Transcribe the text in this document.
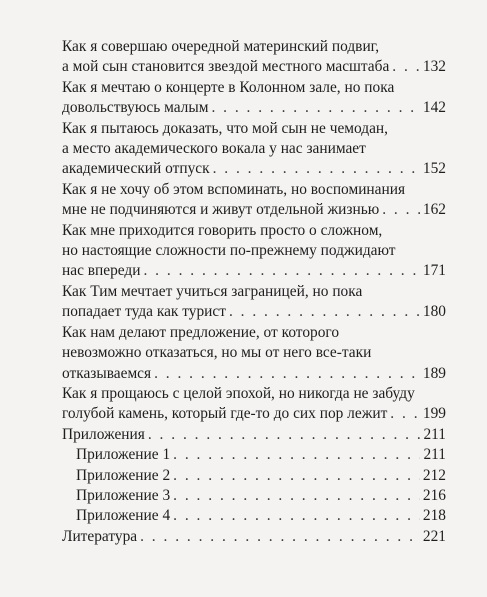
Как я совершаю очередной материнский подвиг,
а мой сын становится звездой местного масштаба . . . 132
Как я мечтаю о концерте в Колонном зале, но пока
довольствуюсь малым . . .	142
Как я пытаюсь доказать, что мой сын не чемодан,
а место академического вокала у нас занимает
академический отпуск . . .	152
Как я не хочу об этом вспоминать, но воспоминания
мне не подчиняются и живут отдельной жизнью . . .	162
Как мне приходится говорить просто о сложном,
но настоящие сложности по-прежнему поджидают
нас впереди . . .	171
Как Тим мечтает учиться заграницей, но пока
попадает туда как турист . . .	180
Как нам делают предложение, от которого
невозможно отказаться, но мы от него все-таки
отказываемся . . .	189
Как я прощаюсь с целой эпохой, но никогда не забуду
голубой камень, который где-то до сих пор лежит . . . 199
Приложения . . .	211
Приложение 1 . . .	211
Приложение 2 . . .	212
Приложение 3 . . .	216
Приложение 4 . . .	218
Литература . . .	221
